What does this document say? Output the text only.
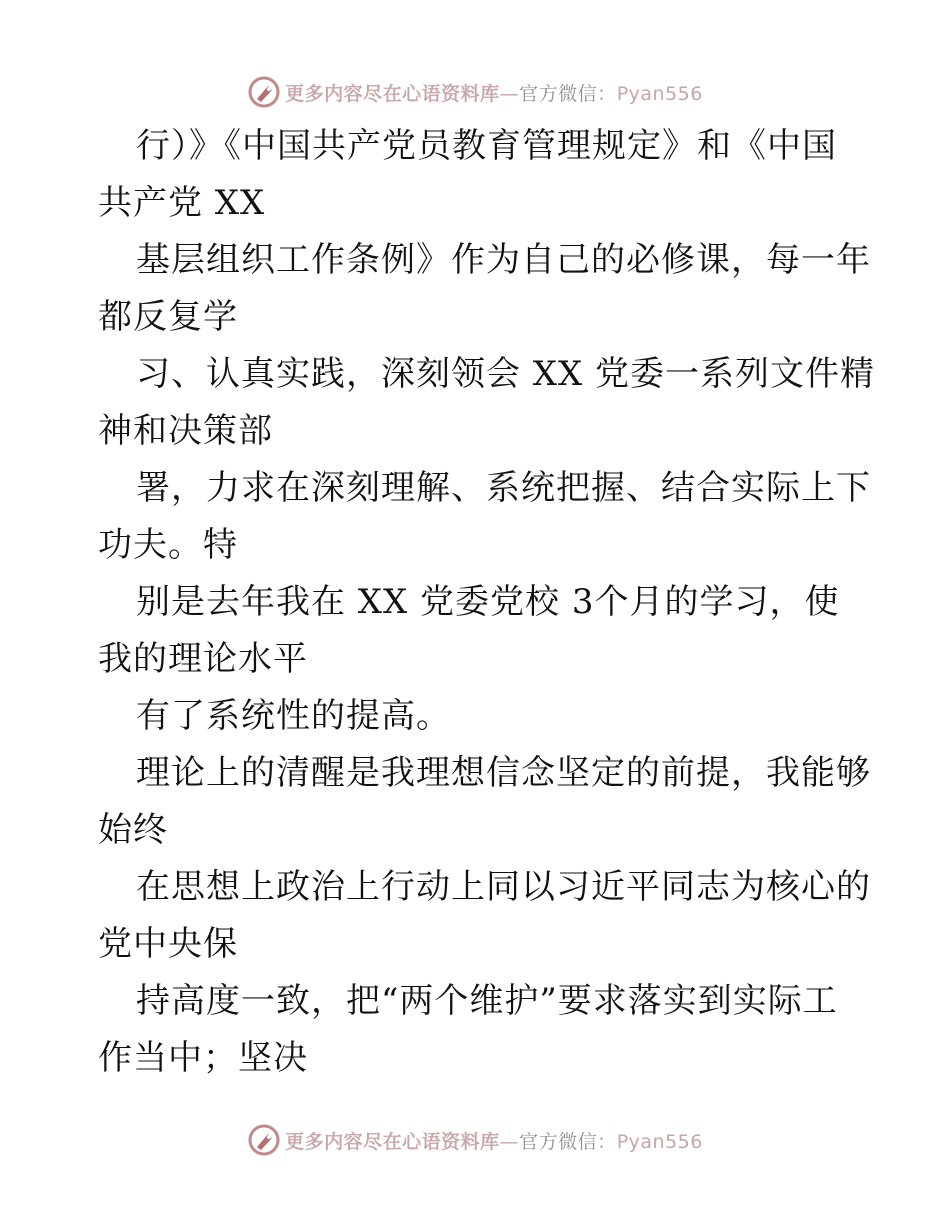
更多内容尽在心语资料库—官方微信：Pyan556
行）》《中国共产党员教育管理规定》和《中国
共产党 XX
基层组织工作条例》作为自己的必修课，每一年
都反复学
习、认真实践，深刻领会 XX 党委一系列文件精
神和决策部
署，力求在深刻理解、系统把握、结合实际上下
功夫。特
别是去年我在 XX 党委党校 3个月的学习，使
我的理论水平
有了系统性的提高。
理论上的清醒是我理想信念坚定的前提，我能够
始终
在思想上政治上行动上同以习近平同志为核心的
党中央保
持高度一致，把“两个维护”要求落实到实际工
作当中；坚决
更多内容尽在心语资料库—官方微信：Pyan556
